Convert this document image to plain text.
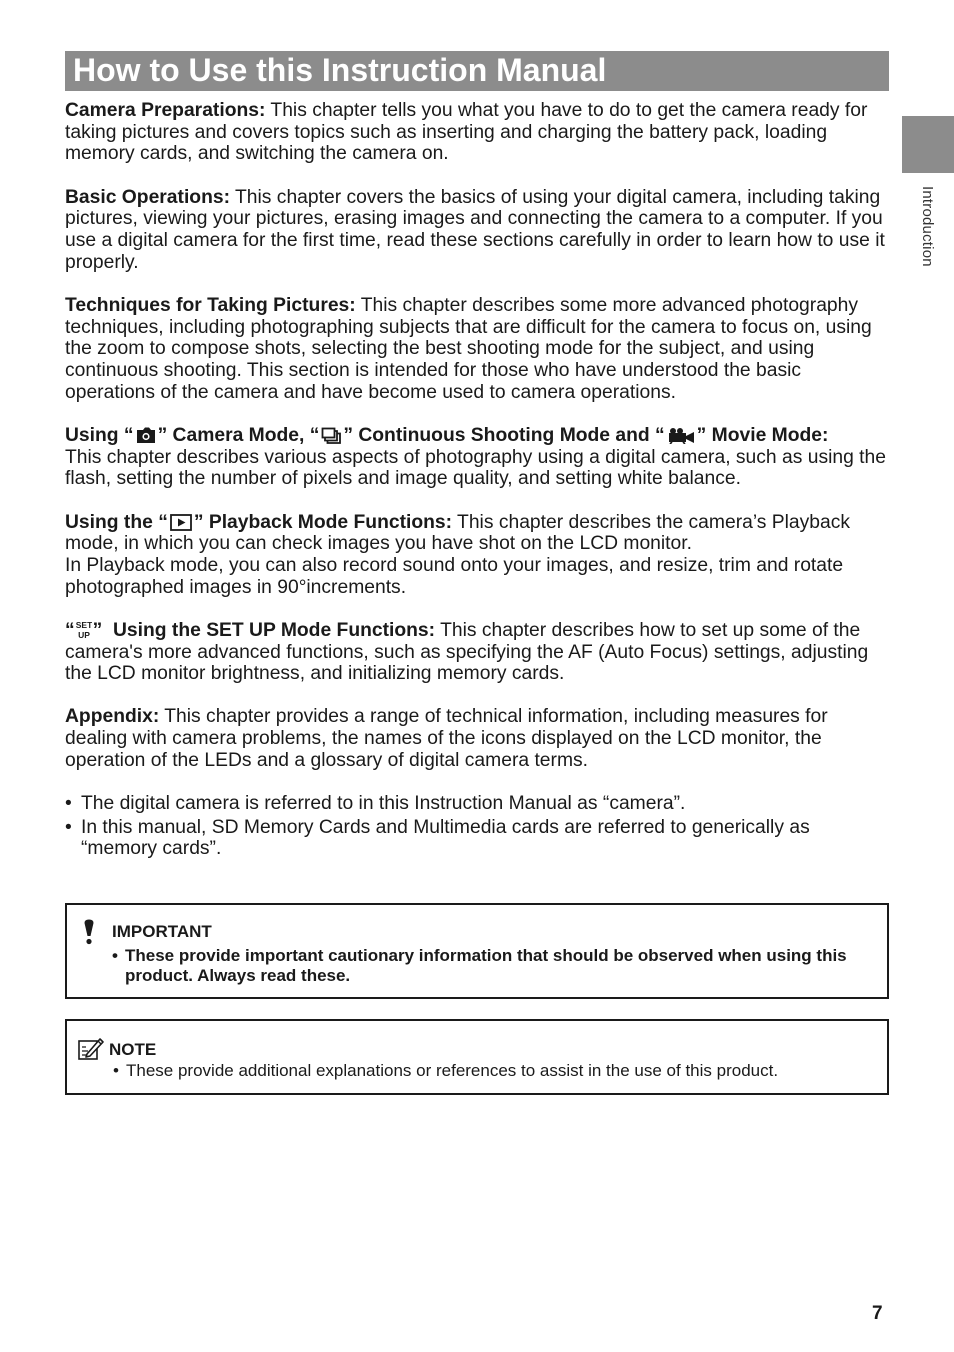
How to Use this Instruction Manual
Introduction

Camera Preparations: This chapter tells you what you have to do to get the camera ready for taking pictures and covers topics such as inserting and charging the battery pack, loading memory cards, and switching the camera on.

Basic Operations: This chapter covers the basics of using your digital camera, including taking pictures, viewing your pictures, erasing images and connecting the camera to a computer. If you use a digital camera for the first time, read these sections carefully in order to learn how to use it properly.

Techniques for Taking Pictures: This chapter describes some more advanced photography techniques, including photographing subjects that are difficult for the camera to focus on, using the zoom to compose shots, selecting the best shooting mode for the subject, and using continuous shooting. This section is intended for those who have understood the basic operations of the camera and have become used to camera operations.

Using “ ” Camera Mode, “ ” Continuous Shooting Mode and “ ” Movie Mode:
This chapter describes various aspects of photography using a digital camera, such as using the flash, setting the number of pixels and image quality, and setting white balance.

Using the “ ” Playback Mode Functions: This chapter describes the camera’s Playback mode, in which you can check images you have shot on the LCD monitor.
In Playback mode, you can also record sound onto your images, and resize, trim and rotate photographed images in 90°increments.

“ SET
UP ”  Using the SET UP Mode Functions: This chapter describes how to set up some of the camera's more advanced functions, such as specifying the AF (Auto Focus) settings, adjusting the LCD monitor brightness, and initializing memory cards.

Appendix: This chapter provides a range of technical information, including measures for dealing with camera problems, the names of the icons displayed on the LCD monitor, the operation of the LEDs and a glossary of digital camera terms.

• The digital camera is referred to in this Instruction Manual as “camera”.
• In this manual, SD Memory Cards and Multimedia cards are referred to generically as “memory cards”.
IMPORTANT
• These provide important cautionary information that should be observed when using this product. Always read these.
NOTE
• These provide additional explanations or references to assist in the use of this product.
7
